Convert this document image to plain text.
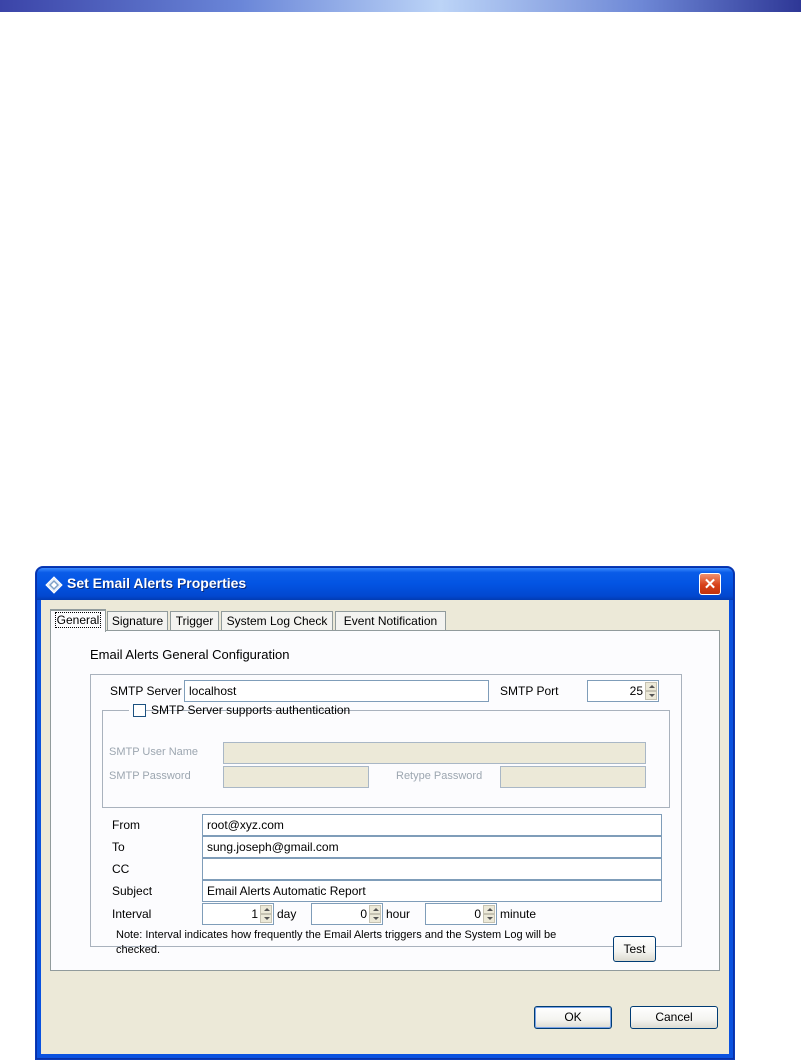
Set Email Alerts Properties	✕
General	Signature	Trigger	System Log Check	Event Notification
Email Alerts General Configuration
SMTP Server localhost	SMTP Port	25
SMTP Server supports authentication
SMTP User Name
SMTP Password	Retype Password
From	root@xyz.com
To	sung.joseph@gmail.com
CC
Subject	Email Alerts Automatic Report
Interval	1 day	0 hour	0 minute
Note: Interval indicates how frequently the Email Alerts triggers and the System Log will be
checked.	Test
OK	Cancel
